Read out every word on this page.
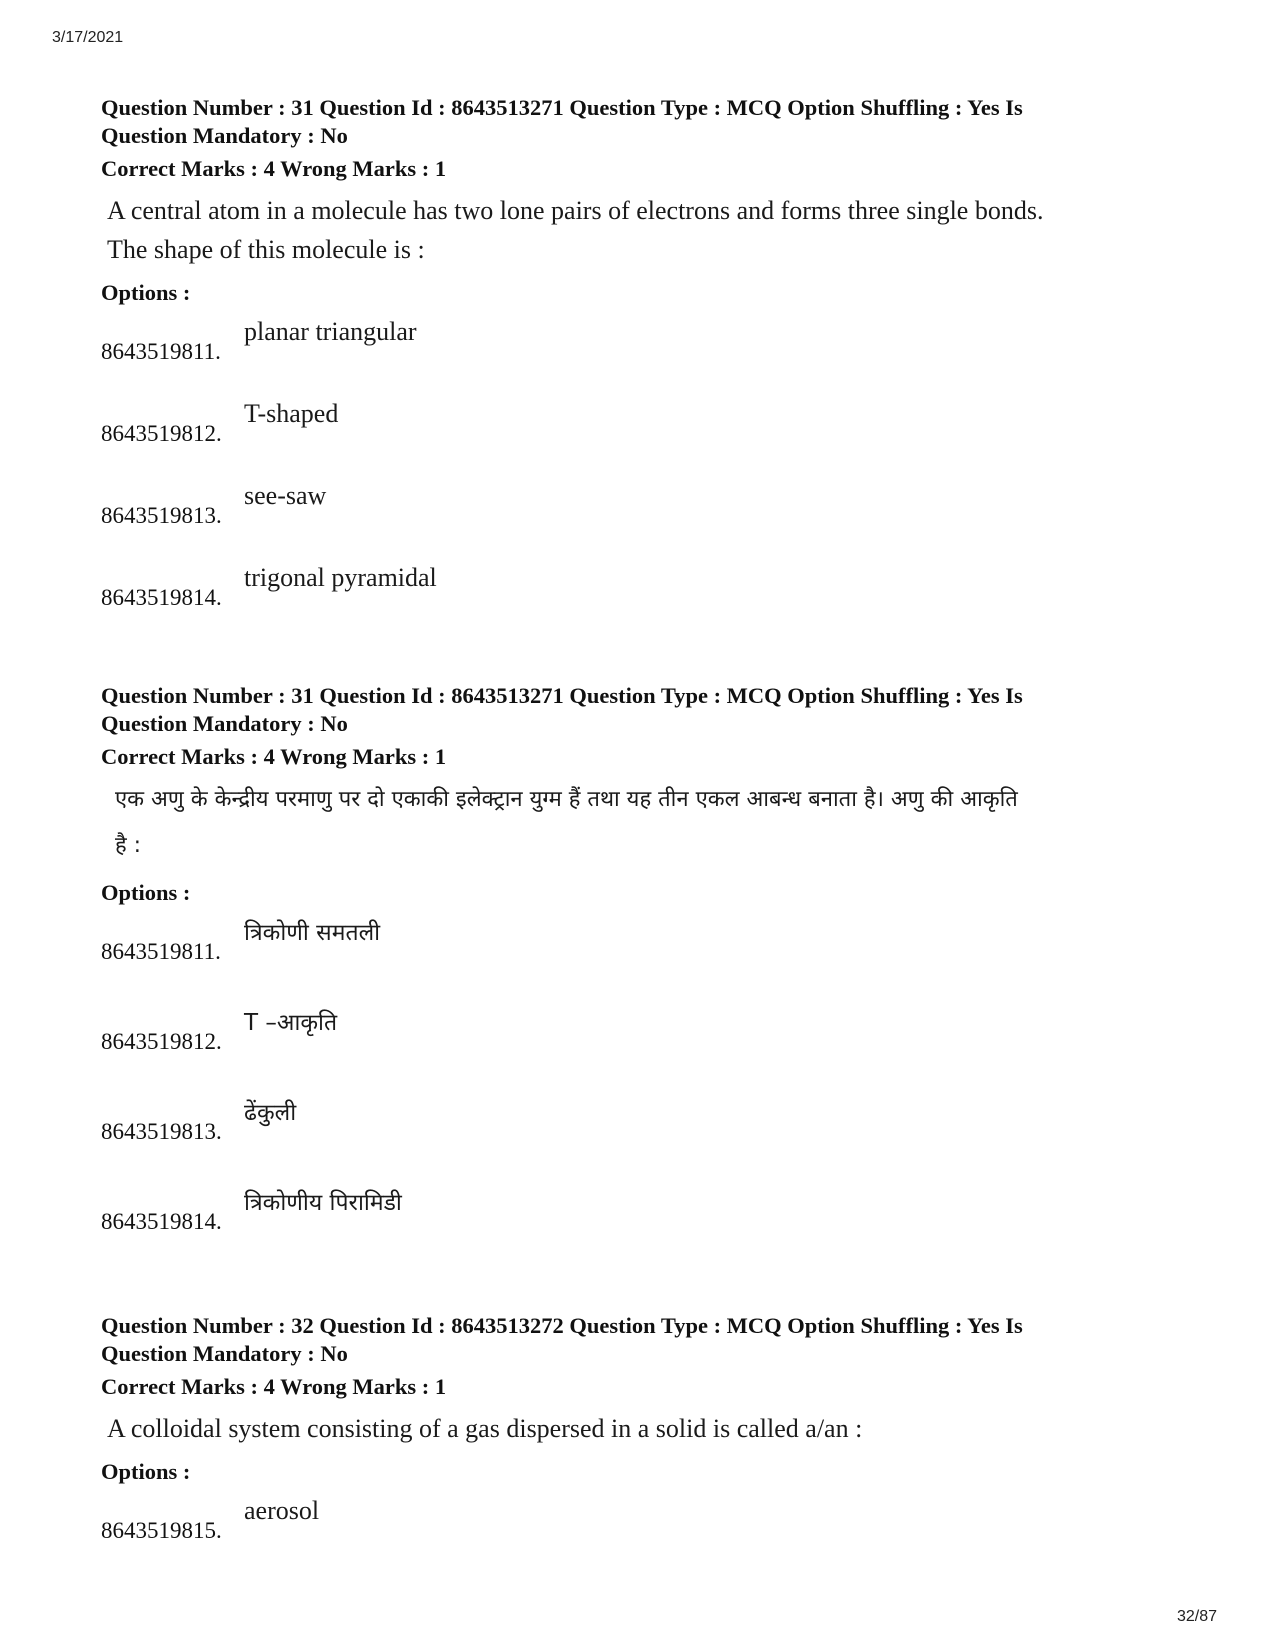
3/17/2021

Question Number : 31 Question Id : 8643513271 Question Type : MCQ Option Shuffling : Yes Is
Question Mandatory : No

Correct Marks : 4 Wrong Marks : 1

A central atom in a molecule has two lone pairs of electrons and forms three single bonds.
The shape of this molecule is :

Options :

8643519811.
planar triangular
8643519812.
T-shaped
8643519813.
see-saw
8643519814.
trigonal pyramidal

Question Number : 31 Question Id : 8643513271 Question Type : MCQ Option Shuffling : Yes Is
Question Mandatory : No

Correct Marks : 4 Wrong Marks : 1

एक अणु के केन्द्रीय परमाणु पर दो एकाकी इलेक्ट्रान युग्म हैं तथा यह तीन एकल आबन्ध बनाता है। अणु की आकृति
है :

Options :

8643519811.
त्रिकोणी समतली
8643519812.
T –आकृति
8643519813.
ढेंकुली
8643519814.
त्रिकोणीय पिरामिडी

Question Number : 32 Question Id : 8643513272 Question Type : MCQ Option Shuffling : Yes Is
Question Mandatory : No

Correct Marks : 4 Wrong Marks : 1

A colloidal system consisting of a gas dispersed in a solid is called a/an :

Options :

8643519815.
aerosol
32/87
